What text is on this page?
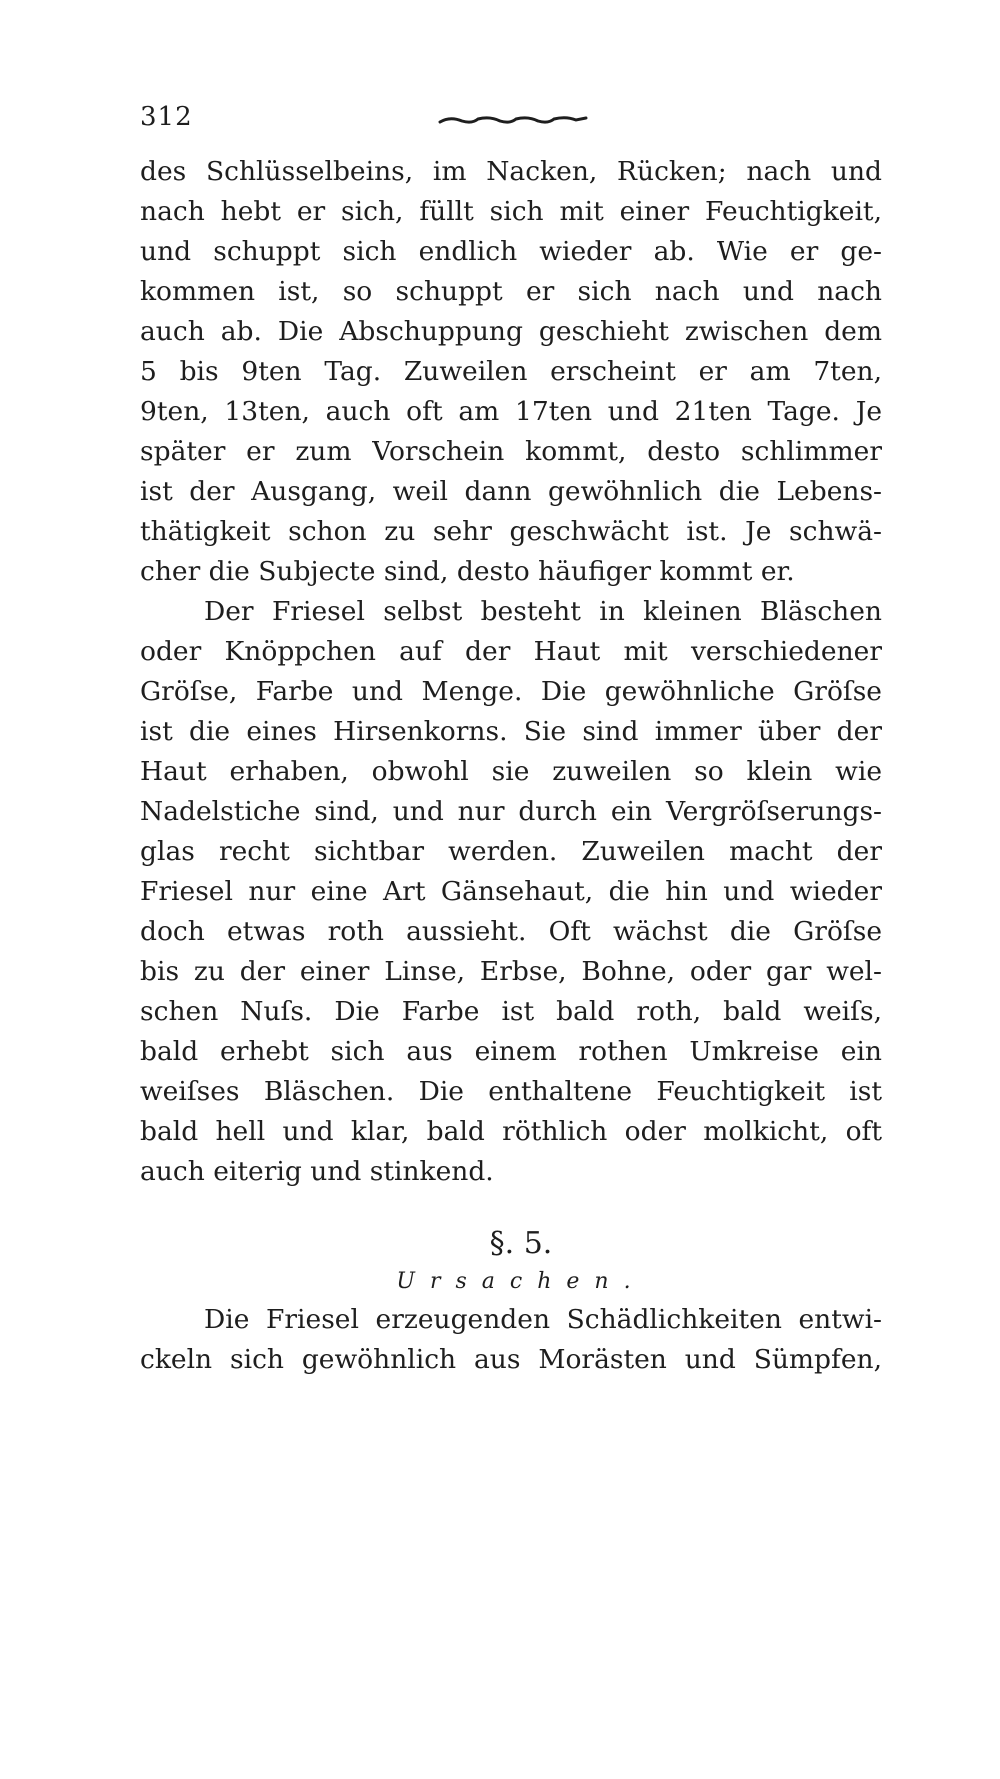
312
des Schlüsselbeins, im Nacken, Rücken; nach und
nach hebt er sich, füllt sich mit einer Feuchtigkeit,
und schuppt sich endlich wieder ab. Wie er ge-
kommen ist, so schuppt er sich nach und nach
auch ab. Die Abschuppung geschieht zwischen dem
5 bis 9ten Tag. Zuweilen erscheint er am 7ten,
9ten, 13ten, auch oft am 17ten und 21ten Tage. Je
später er zum Vorschein kommt, desto schlimmer
ist der Ausgang, weil dann gewöhnlich die Lebens-
thätigkeit schon zu sehr geschwächt ist. Je schwä-
cher die Subjecte sind, desto häufiger kommt er.
Der Friesel selbst besteht in kleinen Bläschen
oder Knöppchen auf der Haut mit verschiedener
Gröſse, Farbe und Menge. Die gewöhnliche Gröſse
ist die eines Hirsenkorns. Sie sind immer über der
Haut erhaben, obwohl sie zuweilen so klein wie
Nadelstiche sind, und nur durch ein Vergröſserungs-
glas recht sichtbar werden. Zuweilen macht der
Friesel nur eine Art Gänsehaut, die hin und wieder
doch etwas roth aussieht. Oft wächst die Gröſse
bis zu der einer Linse, Erbse, Bohne, oder gar wel-
schen Nuſs. Die Farbe ist bald roth, bald weiſs,
bald erhebt sich aus einem rothen Umkreise ein
weiſses Bläschen. Die enthaltene Feuchtigkeit ist
bald hell und klar, bald röthlich oder molkicht, oft
auch eiterig und stinkend.
§. 5.
Ursachen.
Die Friesel erzeugenden Schädlichkeiten entwi-
ckeln sich gewöhnlich aus Morästen und Sümpfen,
